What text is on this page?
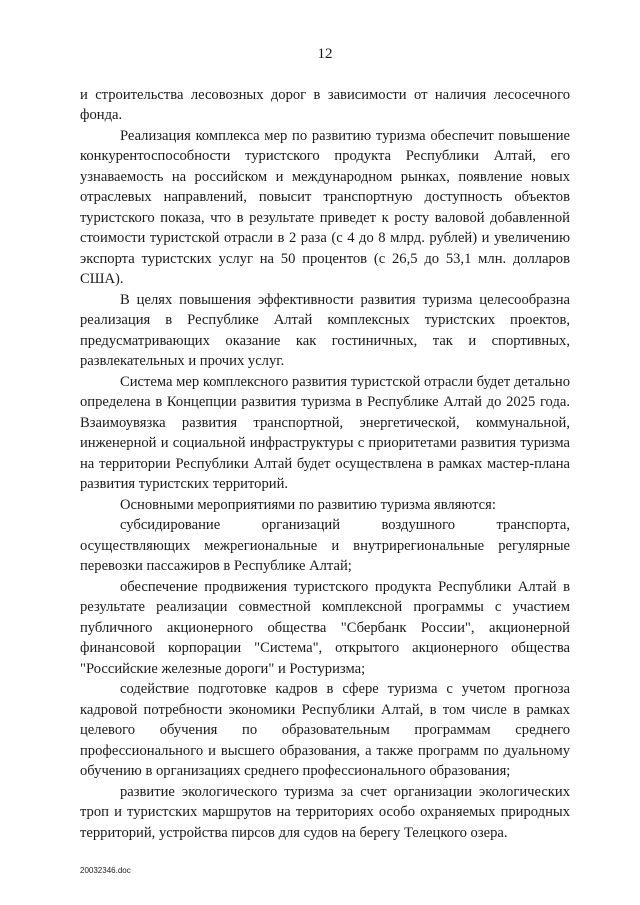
12

и строительства лесовозных дорог в зависимости от наличия лесосечного фонда.

Реализация комплекса мер по развитию туризма обеспечит повышение конкурентоспособности туристского продукта Республики Алтай, его узнаваемость на российском и международном рынках, появление новых отраслевых направлений, повысит транспортную доступность объектов туристского показа, что в результате приведет к росту валовой добавленной стоимости туристской отрасли в 2 раза (с 4 до 8 млрд. рублей) и увеличению экспорта туристских услуг на 50 процентов (с 26,5 до 53,1 млн. долларов США).

В целях повышения эффективности развития туризма целесообразна реализация в Республике Алтай комплексных туристских проектов, предусматривающих оказание как гостиничных, так и спортивных, развлекательных и прочих услуг.

Система мер комплексного развития туристской отрасли будет детально определена в Концепции развития туризма в Республике Алтай до 2025 года. Взаимоувязка развития транспортной, энергетической, коммунальной, инженерной и социальной инфраструктуры с приоритетами развития туризма на территории Республики Алтай будет осуществлена в рамках мастер-плана развития туристских территорий.

Основными мероприятиями по развитию туризма являются:

субсидирование организаций воздушного транспорта, осуществляющих межрегиональные и внутрирегиональные регулярные перевозки пассажиров в Республике Алтай;

обеспечение продвижения туристского продукта Республики Алтай в результате реализации совместной комплексной программы с участием публичного акционерного общества "Сбербанк России", акционерной финансовой корпорации "Система", открытого акционерного общества "Российские железные дороги" и Ростуризма;

содействие подготовке кадров в сфере туризма с учетом прогноза кадровой потребности экономики Республики Алтай, в том числе в рамках целевого обучения по образовательным программам среднего профессионального и высшего образования, а также программ по дуальному обучению в организациях среднего профессионального образования;

развитие экологического туризма за счет организации экологических троп и туристских маршрутов на территориях особо охраняемых природных территорий, устройства пирсов для судов на берегу Телецкого озера.

20032346.doc
